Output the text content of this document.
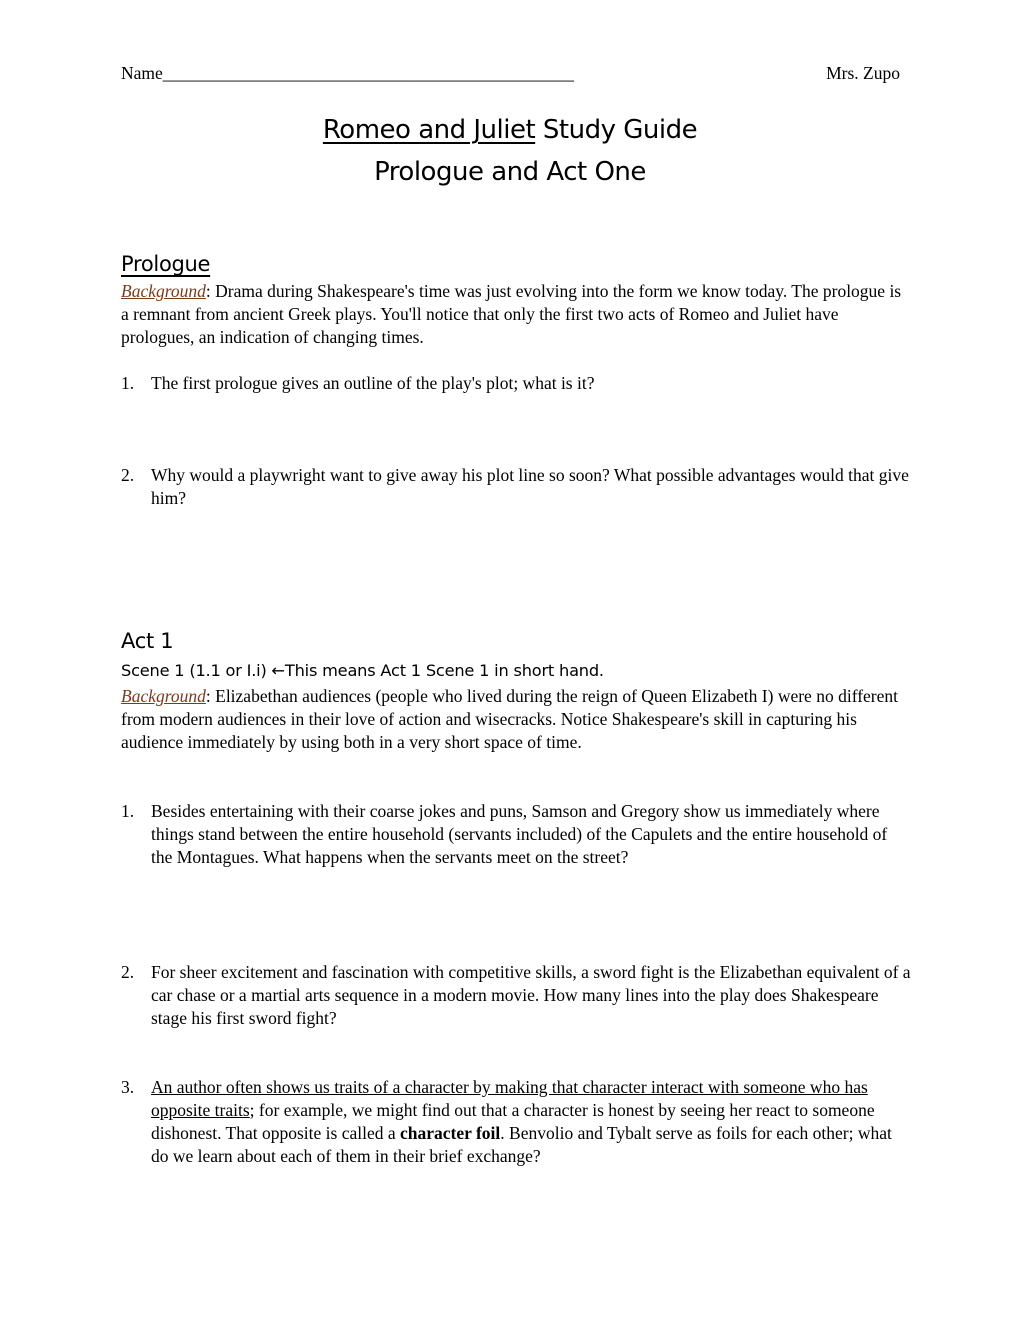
Name_______________________________________________	Mrs. Zupo
Romeo and Juliet Study Guide
Prologue and Act One
Prologue
Background: Drama during Shakespeare's time was just evolving into the form we know today. The prologue is a remnant from ancient Greek plays. You'll notice that only the first two acts of Romeo and Juliet have prologues, an indication of changing times.
1. The first prologue gives an outline of the play's plot; what is it?
2. Why would a playwright want to give away his plot line so soon? What possible advantages would that give him?
Act 1
Scene 1 (1.1 or I.i) ←This means Act 1 Scene 1 in short hand.
Background: Elizabethan audiences (people who lived during the reign of Queen Elizabeth I) were no different from modern audiences in their love of action and wisecracks. Notice Shakespeare's skill in capturing his audience immediately by using both in a very short space of time.
1. Besides entertaining with their coarse jokes and puns, Samson and Gregory show us immediately where things stand between the entire household (servants included) of the Capulets and the entire household of the Montagues. What happens when the servants meet on the street?
2. For sheer excitement and fascination with competitive skills, a sword fight is the Elizabethan equivalent of a car chase or a martial arts sequence in a modern movie. How many lines into the play does Shakespeare stage his first sword fight?
3. An author often shows us traits of a character by making that character interact with someone who has opposite traits; for example, we might find out that a character is honest by seeing her react to someone dishonest. That opposite is called a character foil. Benvolio and Tybalt serve as foils for each other; what do we learn about each of them in their brief exchange?
